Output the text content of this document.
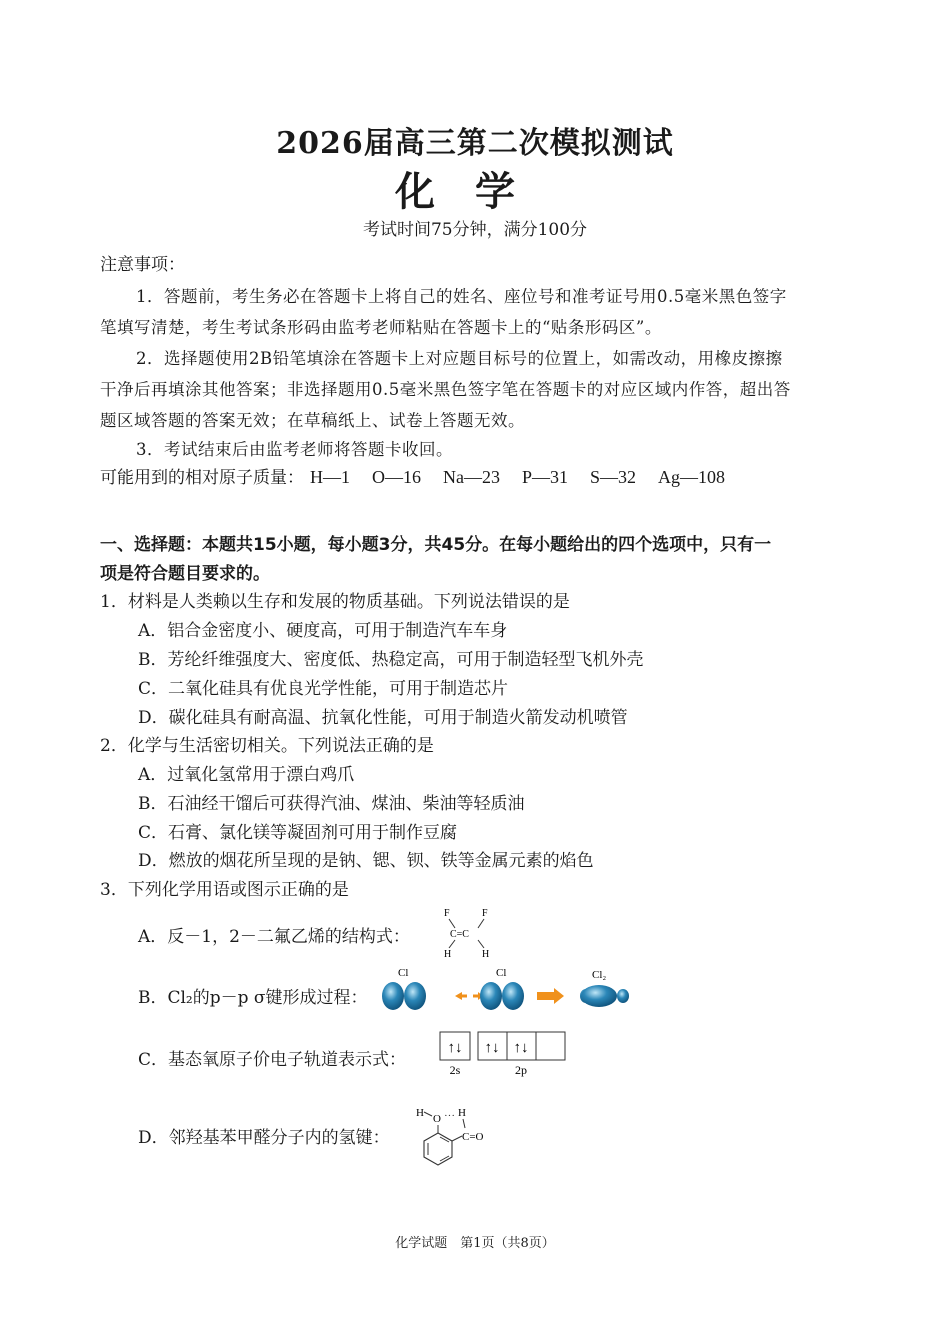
2026届高三第二次模拟测试
化学
考试时间75分钟，满分100分
注意事项：
1．答题前，考生务必在答题卡上将自己的姓名、座位号和准考证号用0.5毫米黑色签字
笔填写清楚，考生考试条形码由监考老师粘贴在答题卡上的“贴条形码区”。
2．选择题使用2B铅笔填涂在答题卡上对应题目标号的位置上，如需改动，用橡皮擦擦
干净后再填涂其他答案；非选择题用0.5毫米黑色签字笔在答题卡的对应区域内作答，超出答
题区域答题的答案无效；在草稿纸上、试卷上答题无效。
3．考试结束后由监考老师将答题卡收回。
可能用到的相对原子质量： H—1 O—16 Na—23 P—31 S—32 Ag—108
一、选择题：本题共15小题，每小题3分，共45分。在每小题给出的四个选项中，只有一
项是符合题目要求的。
1．材料是人类赖以生存和发展的物质基础。下列说法错误的是
A．铝合金密度小、硬度高，可用于制造汽车车身
B．芳纶纤维强度大、密度低、热稳定高，可用于制造轻型飞机外壳
C．二氧化硅具有优良光学性能，可用于制造芯片
D．碳化硅具有耐高温、抗氧化性能，可用于制造火箭发动机喷管
2．化学与生活密切相关。下列说法正确的是
A．过氧化氢常用于漂白鸡爪
B．石油经干馏后可获得汽油、煤油、柴油等轻质油
C．石膏、氯化镁等凝固剂可用于制作豆腐
D．燃放的烟花所呈现的是钠、锶、钡、铁等金属元素的焰色
3．下列化学用语或图示正确的是
A．反－1，2－二氟乙烯的结构式：
B．Cl₂的p－p σ键形成过程：
C．基态氧原子价电子轨道表示式：
D．邻羟基苯甲醛分子内的氢键：
F	F
C=C
H	H
Cl	Cl	Cl₂
↑↓ ↑↓ ↑↓
2s	2p
H O ··· H
C=O
化学试题　第1页（共8页）
